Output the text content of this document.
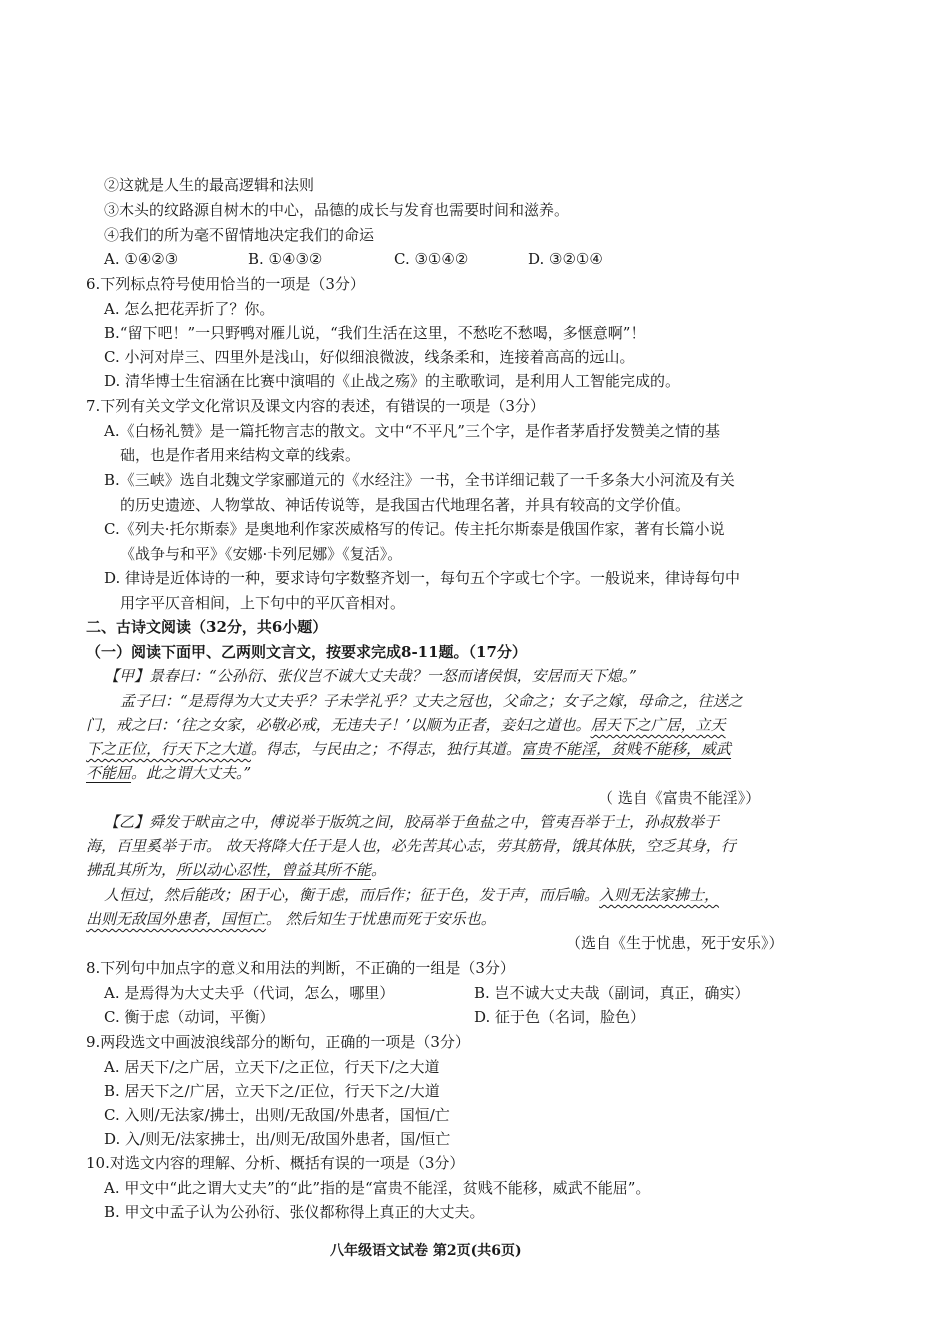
②这就是人生的最高逻辑和法则
③木头的纹路源自树木的中心，品德的成长与发育也需要时间和滋养。
④我们的所为毫不留情地决定我们的命运
A. ①④②③	B. ①④③②	C. ③①④②	D. ③②①④
6.下列标点符号使用恰当的一项是（3分）
A. 怎么把花弄折了？你。
B.“留下吧！”一只野鸭对雁儿说，“我们生活在这里，不愁吃不愁喝，多惬意啊”！
C. 小河对岸三、四里外是浅山，好似细浪微波，线条柔和，连接着高高的远山。
D. 清华博士生宿涵在比赛中演唱的《止战之殇》的主歌歌词，是利用人工智能完成的。
7.下列有关文学文化常识及课文内容的表述，有错误的一项是（3分）
A.《白杨礼赞》是一篇托物言志的散文。文中“不平凡”三个字，是作者茅盾抒发赞美之情的基
础，也是作者用来结构文章的线索。
B.《三峡》选自北魏文学家郦道元的《水经注》一书，全书详细记载了一千多条大小河流及有关
的历史遗迹、人物掌故、神话传说等，是我国古代地理名著，并具有较高的文学价值。
C.《列夫·托尔斯泰》是奥地利作家茨威格写的传记。传主托尔斯泰是俄国作家，著有长篇小说
《战争与和平》《安娜·卡列尼娜》《复活》。
D. 律诗是近体诗的一种，要求诗句字数整齐划一，每句五个字或七个字。一般说来，律诗每句中
用字平仄音相间，上下句中的平仄音相对。
二、古诗文阅读（32分，共6小题）
（一）阅读下面甲、乙两则文言文，按要求完成8-11题。（17分）
【甲】景春曰：“公孙衍、张仪岂不诚大丈夫哉？一怒而诸侯惧，安居而天下熄。”
孟子曰：“是焉得为大丈夫乎？子未学礼乎？丈夫之冠也，父命之；女子之嫁，母命之，往送之
门，戒之曰：‘往之女家，必敬必戒，无违夫子！’以顺为正者，妾妇之道也。居天下之广居，立天
下之正位，行天下之大道。得志，与民由之；不得志，独行其道。富贵不能淫，贫贱不能移，威武
不能屈。此之谓大丈夫。”
（ 选自《富贵不能淫》）
【乙】舜发于畎亩之中，傅说举于版筑之间，胶鬲举于鱼盐之中，管夷吾举于士，孙叔敖举于
海，百里奚举于市。 故天将降大任于是人也，必先苦其心志，劳其筋骨，饿其体肤，空乏其身，行
拂乱其所为，所以动心忍性，曾益其所不能。
人恒过，然后能改；困于心，衡于虑，而后作；征于色，发于声，而后喻。入则无法家拂士，
出则无敌国外患者，国恒亡。 然后知生于忧患而死于安乐也。
（选自《生于忧患，死于安乐》）
8.下列句中加点字的意义和用法的判断，不正确的一组是（3分）
A. 是焉得为大丈夫乎（代词，怎么，哪里）	B. 岂不诚大丈夫哉（副词，真正，确实）
C. 衡于虑（动词，平衡）	D. 征于色（名词，脸色）
9.两段选文中画波浪线部分的断句，正确的一项是（3分）
A. 居天下/之广居，立天下/之正位，行天下/之大道
B. 居天下之/广居，立天下之/正位，行天下之/大道
C. 入则/无法家/拂士，出则/无敌国/外患者，国恒/亡
D. 入/则无/法家拂士，出/则无/敌国外患者，国/恒亡
10.对选文内容的理解、分析、概括有误的一项是（3分）
A. 甲文中“此之谓大丈夫”的“此”指的是“富贵不能淫，贫贱不能移，威武不能屈”。
B. 甲文中孟子认为公孙衍、张仪都称得上真正的大丈夫。
八年级语文试卷 第2页(共6页)
